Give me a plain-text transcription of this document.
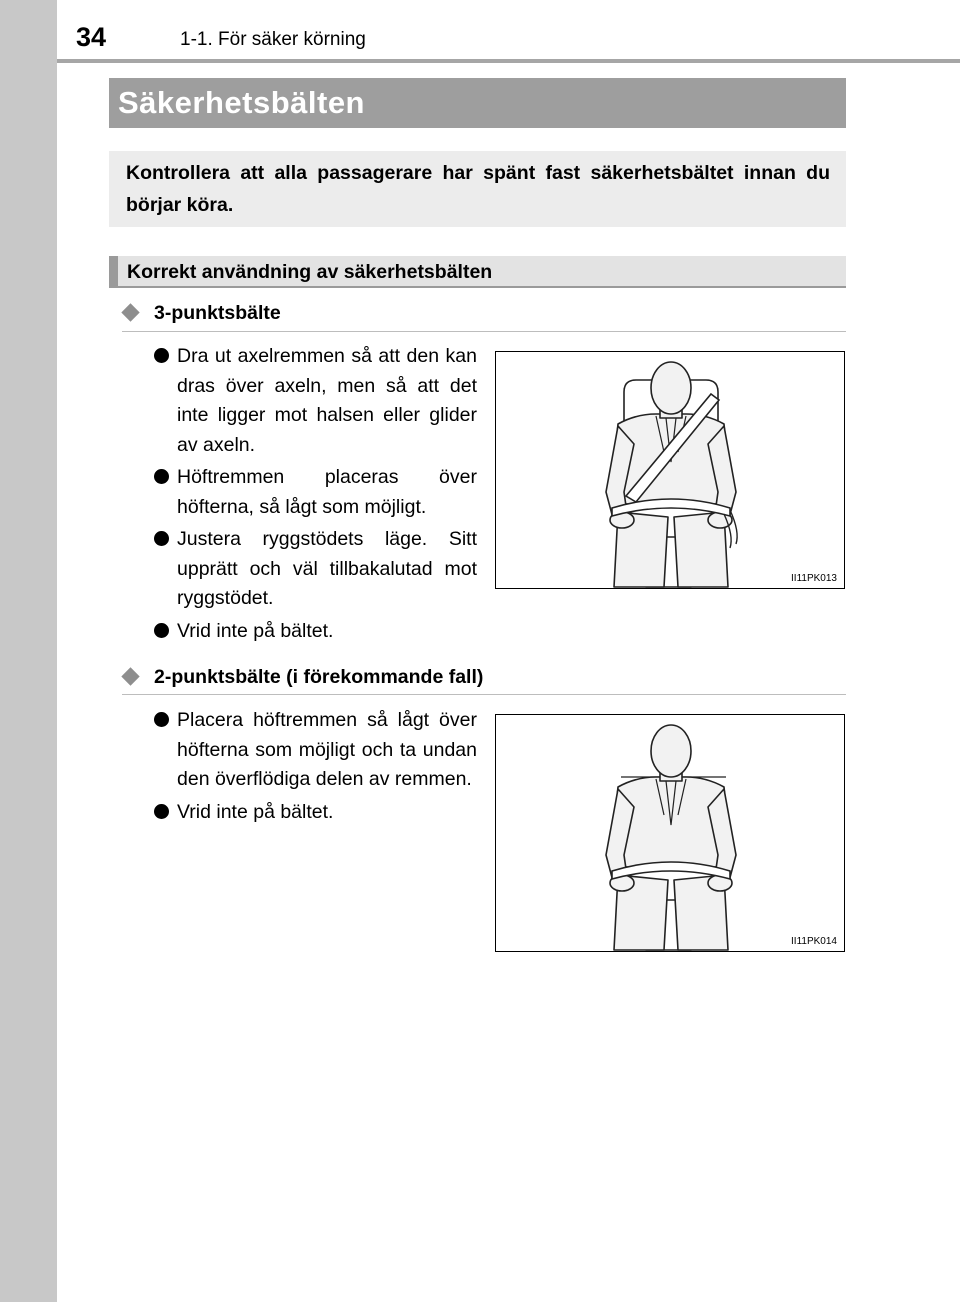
34	1-1. För säker körning
Säkerhetsbälten
Kontrollera att alla passagerare har spänt fast säkerhetsbältet innan du börjar köra.
Korrekt användning av säkerhetsbälten
3-punktsbälte
Dra ut axelremmen så att den kan dras över axeln, men så att det inte ligger mot halsen eller glider av axeln.
Höftremmen placeras över höfterna, så lågt som möjligt.
Justera ryggstödets läge. Sitt upprätt och väl tillbakalutad mot ryggstödet.
Vrid inte på bältet.
II11PK013
2-punktsbälte (i förekommande fall)
Placera höftremmen så lågt över höfterna som möjligt och ta undan den överflödiga delen av remmen.
Vrid inte på bältet.
II11PK014
